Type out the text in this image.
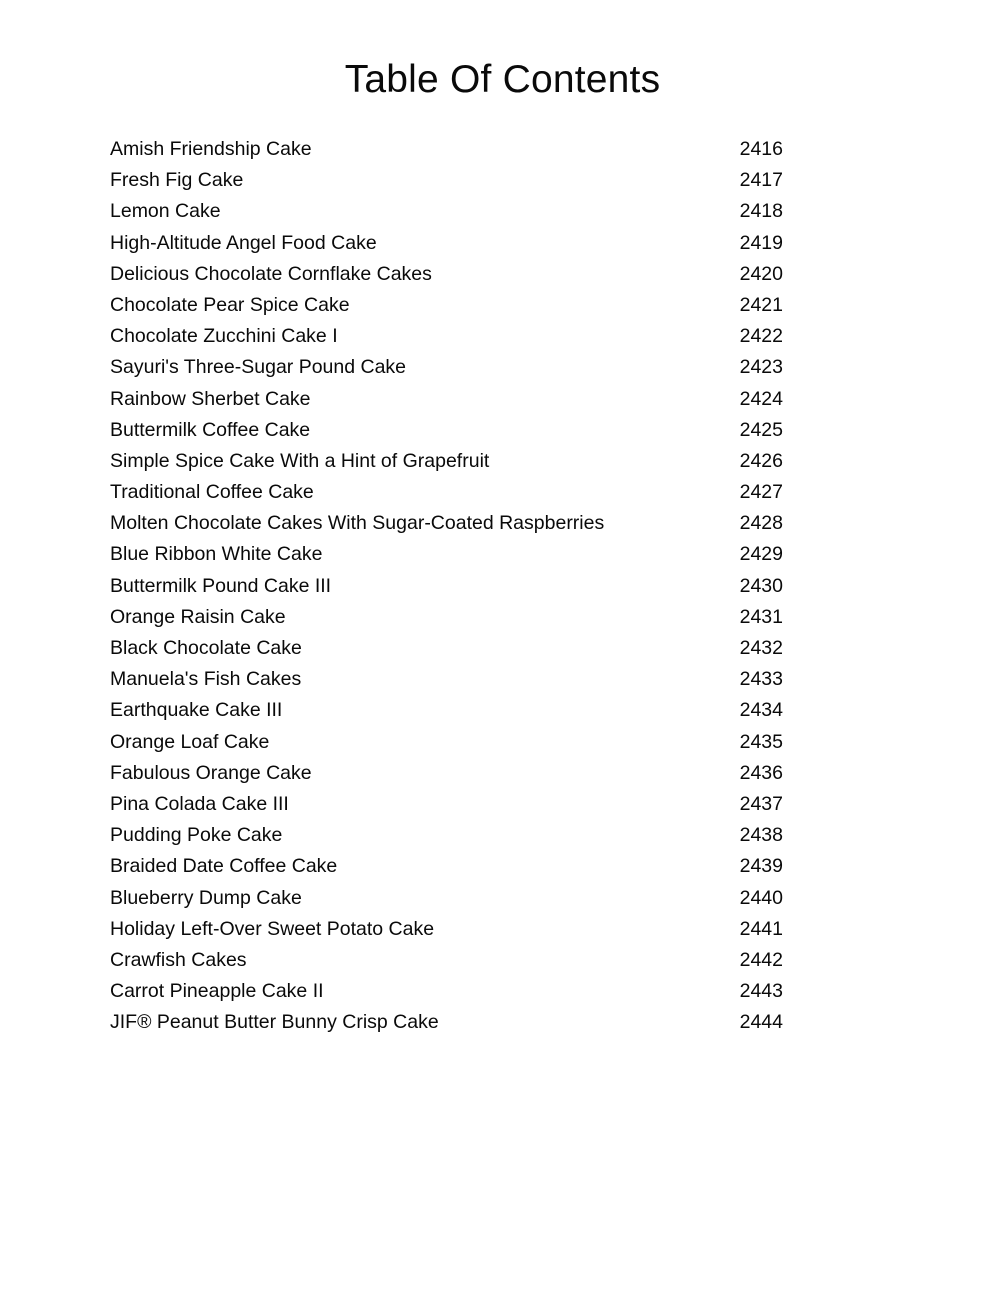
Table Of Contents
Amish Friendship Cake	2416
Fresh Fig Cake	2417
Lemon Cake	2418
High-Altitude Angel Food Cake	2419
Delicious Chocolate Cornflake Cakes	2420
Chocolate Pear Spice Cake	2421
Chocolate Zucchini Cake I	2422
Sayuri's Three-Sugar Pound Cake	2423
Rainbow Sherbet Cake	2424
Buttermilk Coffee Cake	2425
Simple Spice Cake With a Hint of Grapefruit	2426
Traditional Coffee Cake	2427
Molten Chocolate Cakes With Sugar-Coated Raspberries	2428
Blue Ribbon White Cake	2429
Buttermilk Pound Cake III	2430
Orange Raisin Cake	2431
Black Chocolate Cake	2432
Manuela's Fish Cakes	2433
Earthquake Cake III	2434
Orange Loaf Cake	2435
Fabulous Orange Cake	2436
Pina Colada Cake III	2437
Pudding Poke Cake	2438
Braided Date Coffee Cake	2439
Blueberry Dump Cake	2440
Holiday Left-Over Sweet Potato Cake	2441
Crawfish Cakes	2442
Carrot Pineapple Cake II	2443
JIF® Peanut Butter Bunny Crisp Cake	2444
